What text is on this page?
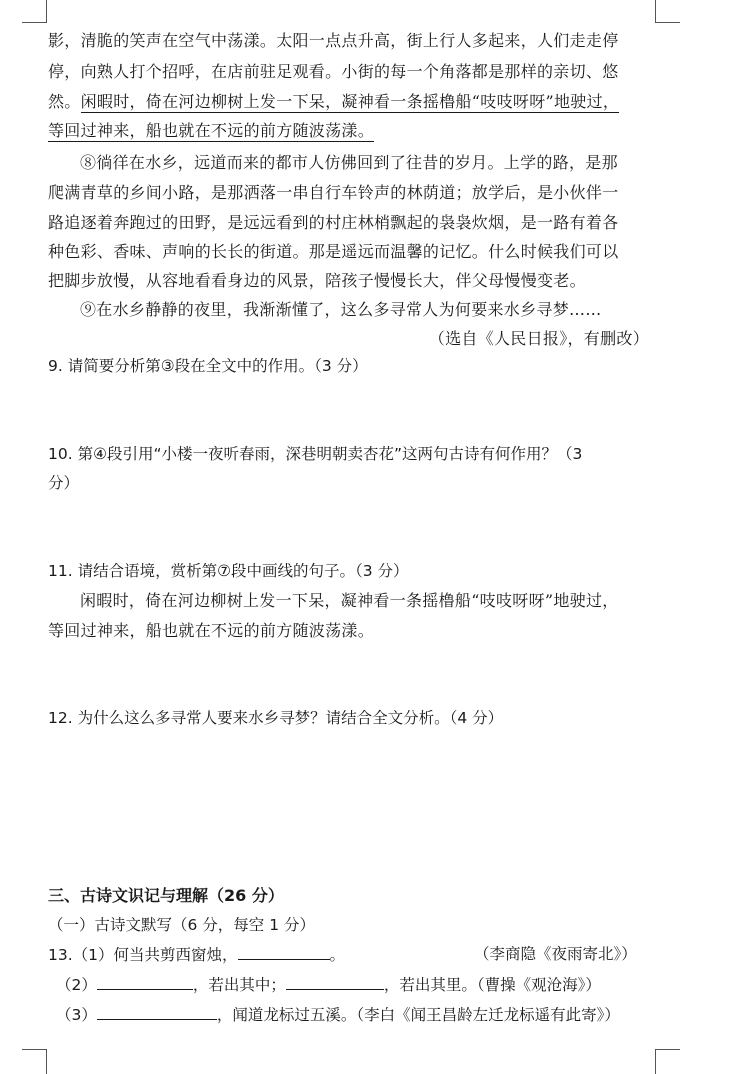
影，清脆的笑声在空气中荡漾。太阳一点点升高，街上行人多起来，人们走走停
停，向熟人打个招呼，在店前驻足观看。小街的每一个角落都是那样的亲切、悠
然。闲暇时，倚在河边柳树上发一下呆，凝神看一条摇橹船“吱吱呀呀”地驶过，
等回过神来，船也就在不远的前方随波荡漾。
⑧徜徉在水乡，远道而来的都市人仿佛回到了往昔的岁月。上学的路，是那
爬满青草的乡间小路，是那洒落一串自行车铃声的林荫道；放学后，是小伙伴一
路追逐着奔跑过的田野，是远远看到的村庄林梢飘起的袅袅炊烟，是一路有着各
种色彩、香味、声响的长长的街道。那是遥远而温馨的记忆。什么时候我们可以
把脚步放慢，从容地看看身边的风景，陪孩子慢慢长大，伴父母慢慢变老。
⑨在水乡静静的夜里，我渐渐懂了，这么多寻常人为何要来水乡寻梦……
（选自《人民日报》，有删改）
9. 请简要分析第③段在全文中的作用。（3 分）
10. 第④段引用“小楼一夜听春雨，深巷明朝卖杏花”这两句古诗有何作用？（3
分）
11. 请结合语境，赏析第⑦段中画线的句子。（3 分）
闲暇时，倚在河边柳树上发一下呆，凝神看一条摇橹船“吱吱呀呀”地驶过，
等回过神来，船也就在不远的前方随波荡漾。
12. 为什么这么多寻常人要来水乡寻梦？请结合全文分析。（4 分）
三、古诗文识记与理解（26 分）
（一）古诗文默写（6 分，每空 1 分）
13.（1）何当共剪西窗烛，	。	（李商隐《夜雨寄北》）
（2）	，若出其中；	，若出其里。（曹操《观沧海》）
（3）	，闻道龙标过五溪。（李白《闻王昌龄左迁龙标遥有此寄》）
